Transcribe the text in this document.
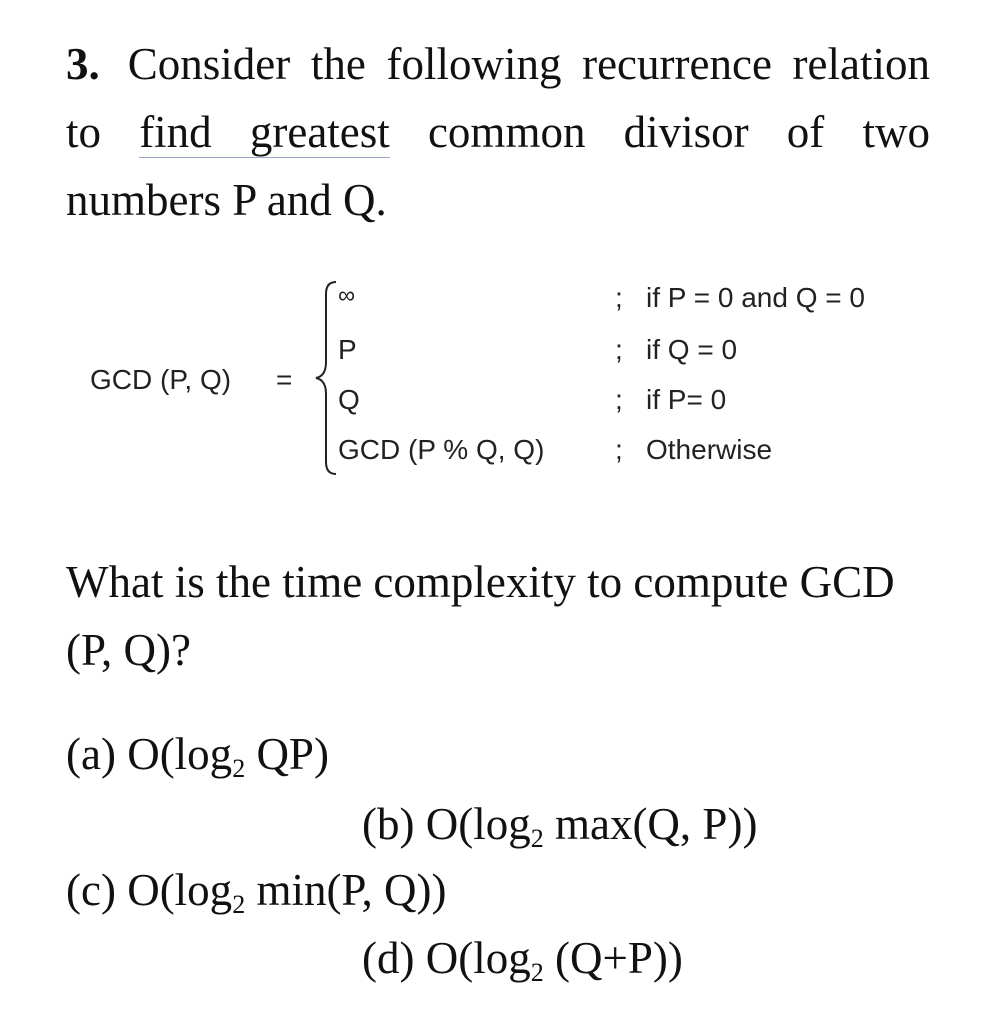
3. Consider the following recurrence relation to find greatest common divisor of two numbers P and Q.
GCD (P, Q) =
∞	; if P = 0 and Q = 0
P	; if Q = 0
Q	; if P= 0
GCD (P % Q, Q)	; Otherwise
What is the time complexity to compute GCD (P, Q)?
(a) $O(\log_2$ QP)
(b) $O(\log_2$ max(Q, P))
(c) $O(\log_2$ min(P, Q))
(d) $O(\log_2$ (Q+P))
